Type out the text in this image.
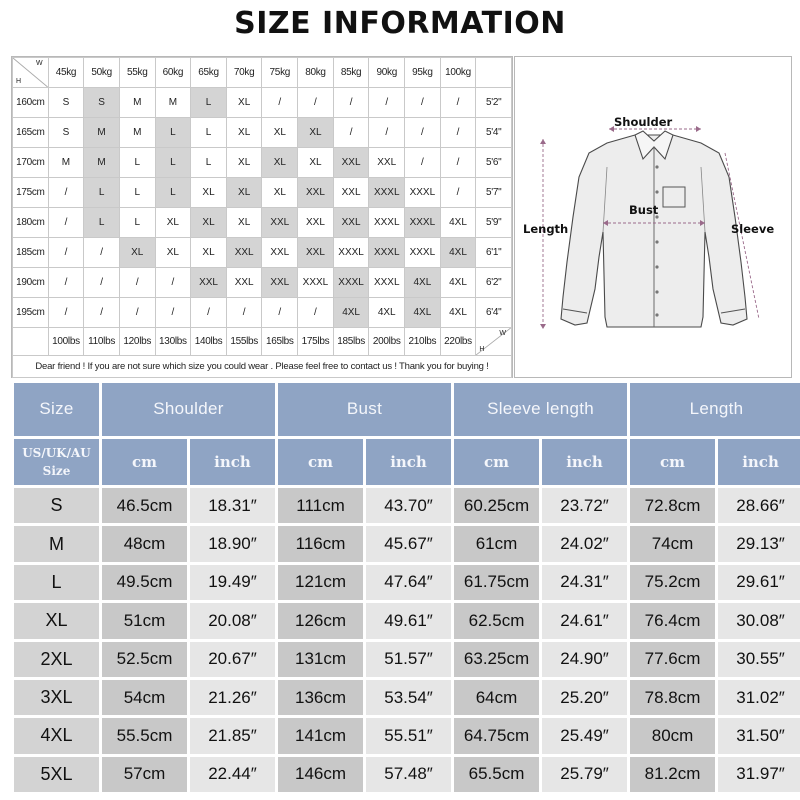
SIZE INFORMATION
H
W	45kg	50kg	55kg	60kg	65kg	70kg	75kg	80kg	85kg	90kg	95kg	100kg	
160cm	S	S	M	M	L	XL	/	/	/	/	/	/	5'2"
165cm	S	M	M	L	L	XL	XL	XL	/	/	/	/	5'4"
170cm	M	M	L	L	L	XL	XL	XL	XXL	XXL	/	/	5'6"
175cm	/	L	L	L	XL	XL	XL	XXL	XXL	XXXL	XXXL	/	5'7"
180cm	/	L	L	XL	XL	XL	XXL	XXL	XXL	XXXL	XXXL	4XL	5'9"
185cm	/	/	XL	XL	XL	XXL	XXL	XXL	XXXL	XXXL	XXXL	4XL	6'1"
190cm	/	/	/	/	XXL	XXL	XXL	XXXL	XXXL	XXXL	4XL	4XL	6'2"
195cm	/	/	/	/	/	/	/	/	4XL	4XL	4XL	4XL	6'4"
	100lbs	110lbs	120lbs	130lbs	140lbs	155lbs	165lbs	175lbs	185lbs	200lbs	210lbs	220lbs	H
W

Dear friend ! If you are not sure which size you could wear . Please feel free to contact us ! Thank you for buying !													
Shoulder
Bust
Length	Sleeve
Size	Shoulder		Bust		Sleeve length		Length	
US/UK/AU Size	cm	inch	cm	inch	cm	inch	cm	inch
S	46.5cm	18.31″	111cm	43.70″	60.25cm	23.72″	72.8cm	28.66″
M	48cm	18.90″	116cm	45.67″	61cm	24.02″	74cm	29.13″
L	49.5cm	19.49″	121cm	47.64″	61.75cm	24.31″	75.2cm	29.61″
XL	51cm	20.08″	126cm	49.61″	62.5cm	24.61″	76.4cm	30.08″
2XL	52.5cm	20.67″	131cm	51.57″	63.25cm	24.90″	77.6cm	30.55″
3XL	54cm	21.26″	136cm	53.54″	64cm	25.20″	78.8cm	31.02″
4XL	55.5cm	21.85″	141cm	55.51″	64.75cm	25.49″	80cm	31.50″
5XL	57cm	22.44″	146cm	57.48″	65.5cm	25.79″	81.2cm	31.97″
